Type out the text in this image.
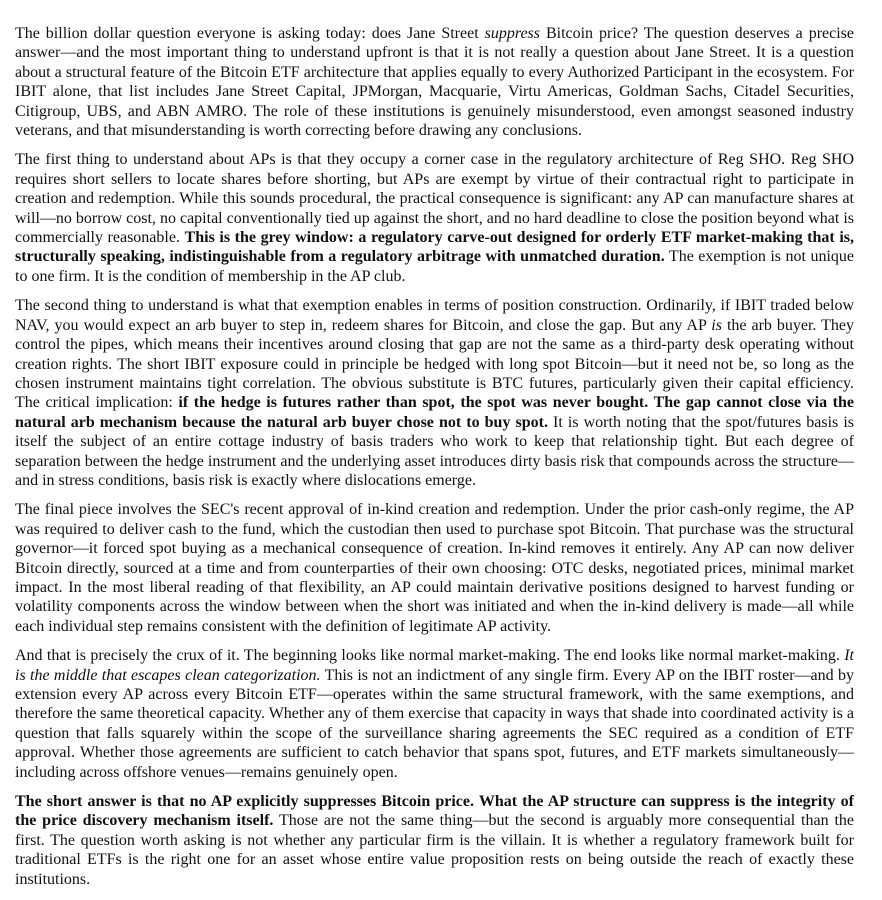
The billion dollar question everyone is asking today: does Jane Street suppress Bitcoin price? The question deserves a precise answer—and the most important thing to understand upfront is that it is not really a question about Jane Street. It is a question about a structural feature of the Bitcoin ETF architecture that applies equally to every Authorized Participant in the ecosystem. For IBIT alone, that list includes Jane Street Capital, JPMorgan, Macquarie, Virtu Americas, Goldman Sachs, Citadel Securities, Citigroup, UBS, and ABN AMRO. The role of these institutions is genuinely misunderstood, even amongst seasoned industry veterans, and that misunderstanding is worth correcting before drawing any conclusions.

The first thing to understand about APs is that they occupy a corner case in the regulatory architecture of Reg SHO. Reg SHO requires short sellers to locate shares before shorting, but APs are exempt by virtue of their contractual right to participate in creation and redemption. While this sounds procedural, the practical consequence is significant: any AP can manufacture shares at will—no borrow cost, no capital conventionally tied up against the short, and no hard deadline to close the position beyond what is commercially reasonable. This is the grey window: a regulatory carve-out designed for orderly ETF market-making that is, structurally speaking, indistinguishable from a regulatory arbitrage with unmatched duration. The exemption is not unique to one firm. It is the condition of membership in the AP club.

The second thing to understand is what that exemption enables in terms of position construction. Ordinarily, if IBIT traded below NAV, you would expect an arb buyer to step in, redeem shares for Bitcoin, and close the gap. But any AP is the arb buyer. They control the pipes, which means their incentives around closing that gap are not the same as a third-party desk operating without creation rights. The short IBIT exposure could in principle be hedged with long spot Bitcoin—but it need not be, so long as the chosen instrument maintains tight correlation. The obvious substitute is BTC futures, particularly given their capital efficiency. The critical implication: if the hedge is futures rather than spot, the spot was never bought. The gap cannot close via the natural arb mechanism because the natural arb buyer chose not to buy spot. It is worth noting that the spot/futures basis is itself the subject of an entire cottage industry of basis traders who work to keep that relationship tight. But each degree of separation between the hedge instrument and the underlying asset introduces dirty basis risk that compounds across the structure—and in stress conditions, basis risk is exactly where dislocations emerge.

The final piece involves the SEC's recent approval of in-kind creation and redemption. Under the prior cash-only regime, the AP was required to deliver cash to the fund, which the custodian then used to purchase spot Bitcoin. That purchase was the structural governor—it forced spot buying as a mechanical consequence of creation. In-kind removes it entirely. Any AP can now deliver Bitcoin directly, sourced at a time and from counterparties of their own choosing: OTC desks, negotiated prices, minimal market impact. In the most liberal reading of that flexibility, an AP could maintain derivative positions designed to harvest funding or volatility components across the window between when the short was initiated and when the in-kind delivery is made—all while each individual step remains consistent with the definition of legitimate AP activity.

And that is precisely the crux of it. The beginning looks like normal market-making. The end looks like normal market-making. It is the middle that escapes clean categorization. This is not an indictment of any single firm. Every AP on the IBIT roster—and by extension every AP across every Bitcoin ETF—operates within the same structural framework, with the same exemptions, and therefore the same theoretical capacity. Whether any of them exercise that capacity in ways that shade into coordinated activity is a question that falls squarely within the scope of the surveillance sharing agreements the SEC required as a condition of ETF approval. Whether those agreements are sufficient to catch behavior that spans spot, futures, and ETF markets simultaneously—including across offshore venues—remains genuinely open.

The short answer is that no AP explicitly suppresses Bitcoin price. What the AP structure can suppress is the integrity of the price discovery mechanism itself. Those are not the same thing—but the second is arguably more consequential than the first. The question worth asking is not whether any particular firm is the villain. It is whether a regulatory framework built for traditional ETFs is the right one for an asset whose entire value proposition rests on being outside the reach of exactly these institutions.
